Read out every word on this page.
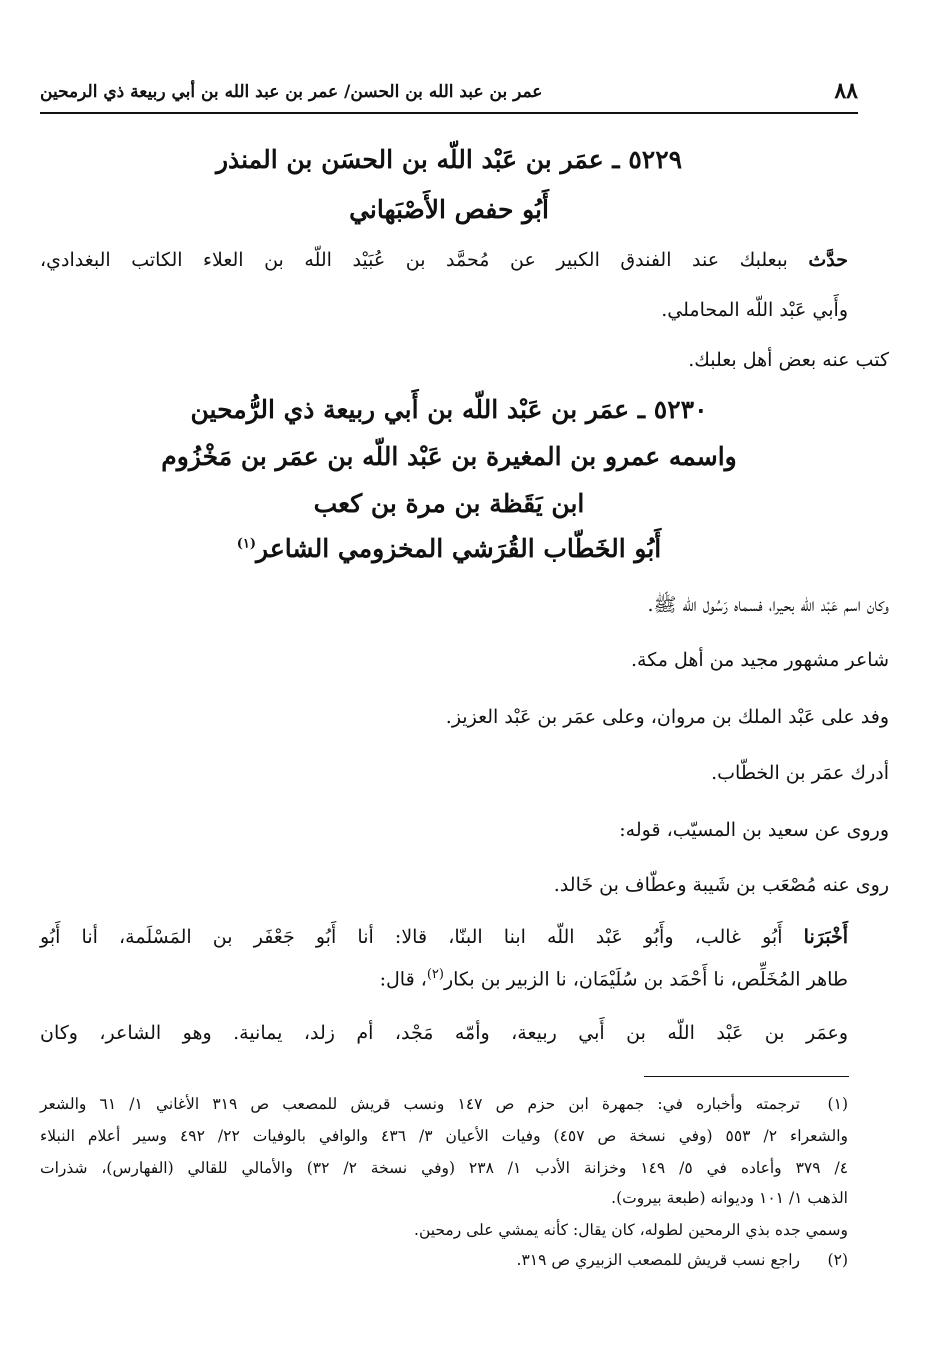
٨٨
عمر بن عبد الله بن الحسن/ عمر بن عبد الله بن أبي ربيعة ذي الرمحين
٥٢٢٩ ـ عمَر بن عَبْد اللّه بن الحسَن بن المنذر
أَبُو حفص الأَصْبَهاني
حدَّث ببعلبك عند الفندق الكبير عن مُحمَّد بن عُبَيْد اللّه بن العلاء الكاتب البغدادي،
وأَبي عَبْد اللّه المحاملي.
كتب عنه بعض أهل بعلبك.
٥٢٣٠ ـ عمَر بن عَبْد اللّه بن أَبي ربيعة ذي الرُّمحين
واسمه عمرو بن المغيرة بن عَبْد اللّه بن عمَر بن مَخْزُوم
ابن يَقَظة بن مرة بن كعب
أَبُو الخَطّاب القُرَشي المخزومي الشاعر$^{(١)}$
وكان اسم عَبْد اللّه بحيرا، فسماه رَسُول الله ﷺ.
شاعر مشهور مجيد من أهل مكة.
وفد على عَبْد الملك بن مروان، وعلى عمَر بن عَبْد العزيز.
أدرك عمَر بن الخطّاب.
وروى عن سعيد بن المسيّب، قوله:
روى عنه مُصْعَب بن شَيبة وعطّاف بن خَالد.
أَخْبَرَنا أَبُو غالب، وأَبُو عَبْد اللّه ابنا البنّا، قالا: أنا أَبُو جَعْفَر بن المَسْلَمة، أنا أَبُو
طاهر المُخَلِّص، نا أَحْمَد بن سُلَيْمَان، نا الزبير بن بكار$^{(٢)}$، قال:
وعمَر بن عَبْد اللّه بن أَبي ربيعة، وأمّه مَجْد، أم زلد، يمانية. وهو الشاعر، وكان
(١)
ترجمته وأخباره في: جمهرة ابن حزم ص ١٤٧ ونسب قريش للمصعب ص ٣١٩ الأغاني ١/ ٦١ والشعر
والشعراء ٢/ ٥٥٣ (وفي نسخة ص ٤٥٧) وفيات الأعيان ٣/ ٤٣٦ والوافي بالوفيات ٢٢/ ٤٩٢ وسير أعلام النبلاء
٤/ ٣٧٩ وأعاده في ٥/ ١٤٩ وخزانة الأدب ١/ ٢٣٨ (وفي نسخة ٢/ ٣٢) والأمالي للقالي (الفهارس)، شذرات
الذهب ١/ ١٠١ وديوانه (طبعة بيروت).
وسمي جده بذي الرمحين لطوله، كان يقال: كأنه يمشي على رمحين.
(٢)
راجع نسب قريش للمصعب الزبيري ص ٣١٩.
